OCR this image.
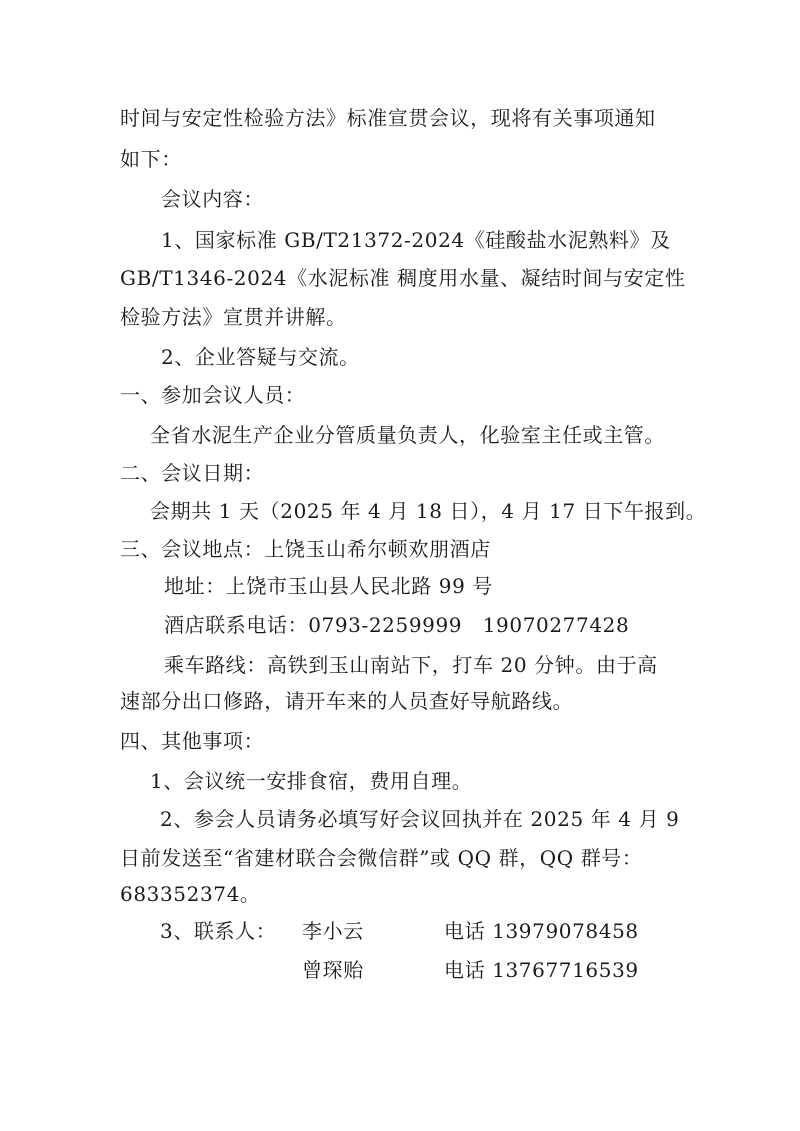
时间与安定性检验方法》标准宣贯会议，现将有关事项通知
如下：
会议内容：
1、国家标准 GB/T21372-2024《硅酸盐水泥熟料》及
GB/T1346-2024《水泥标准 稠度用水量、凝结时间与安定性
检验方法》宣贯并讲解。
2、企业答疑与交流。
一、参加会议人员：
全省水泥生产企业分管质量负责人，化验室主任或主管。
二、会议日期：
会期共 1 天（2025 年 4 月 18 日），4 月 17 日下午报到。
三、会议地点：上饶玉山希尔顿欢朋酒店
地址：上饶市玉山县人民北路 99 号
酒店联系电话：0793-2259999　19070277428
乘车路线：高铁到玉山南站下，打车 20 分钟。由于高
速部分出口修路，请开车来的人员查好导航路线。
四、其他事项：
1、会议统一安排食宿，费用自理。
2、参会人员请务必填写好会议回执并在 2025 年 4 月 9
日前发送至“省建材联合会微信群”或 QQ 群，QQ 群号：
683352374。
3、联系人： 李小云	电话 13979078458
曾琛贻	电话 13767716539
